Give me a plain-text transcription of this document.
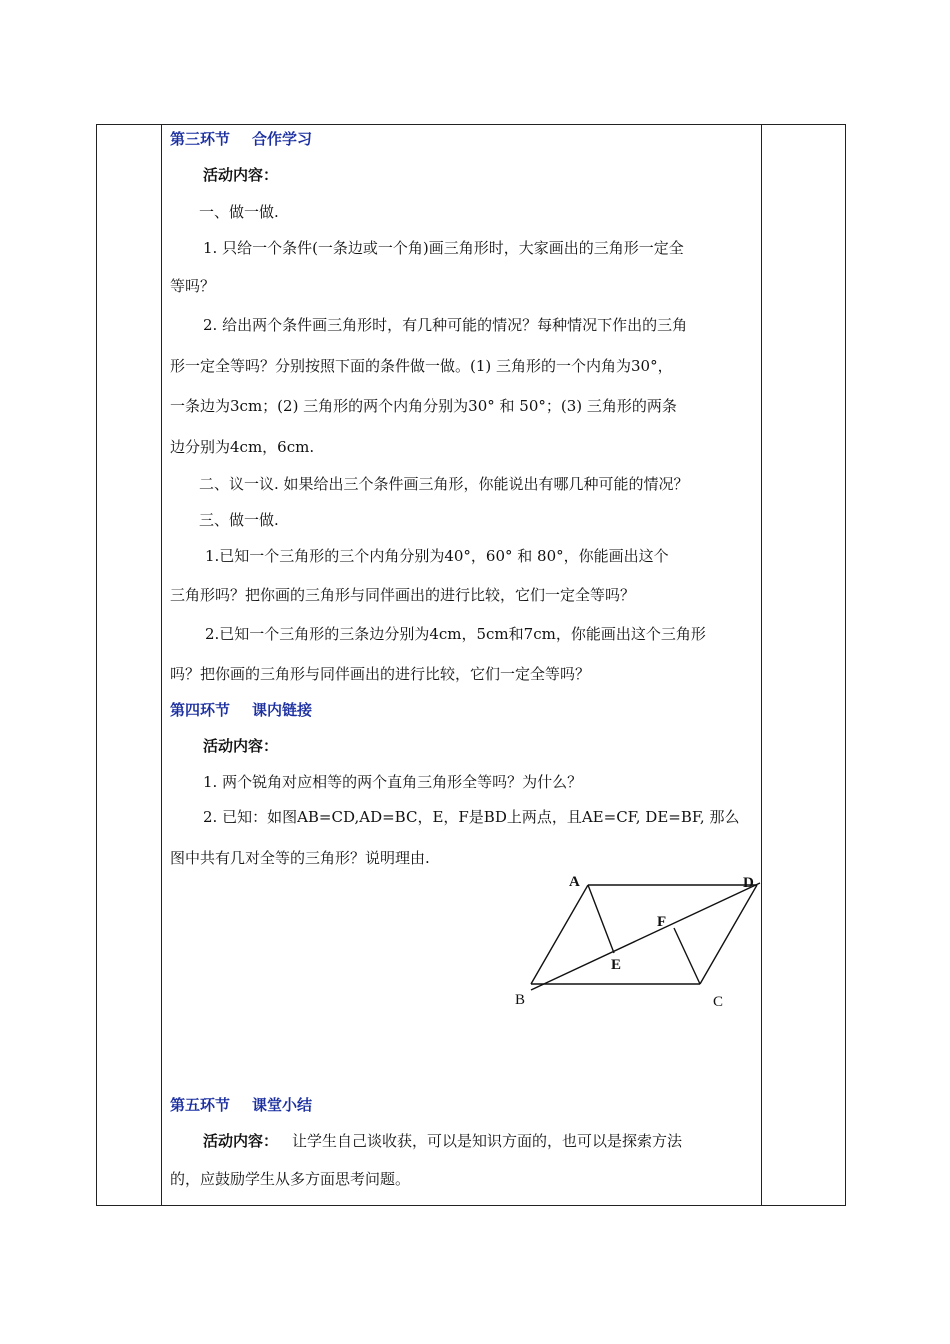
第三环节 合作学习
活动内容：
一、做一做.
1. 只给一个条件(一条边或一个角)画三角形时，大家画出的三角形一定全
等吗？
2. 给出两个条件画三角形时，有几种可能的情况？每种情况下作出的三角
形一定全等吗？分别按照下面的条件做一做。(1) 三角形的一个内角为30°，
一条边为3cm；(2) 三角形的两个内角分别为30° 和 50°；(3) 三角形的两条
边分别为4cm，6cm.
二、议一议. 如果给出三个条件画三角形，你能说出有哪几种可能的情况？
三、做一做.
1.已知一个三角形的三个内角分别为40°，60° 和 80°，你能画出这个
三角形吗？把你画的三角形与同伴画出的进行比较，它们一定全等吗？
2.已知一个三角形的三条边分别为4cm，5cm和7cm，你能画出这个三角形
吗？把你画的三角形与同伴画出的进行比较，它们一定全等吗？
第四环节 课内链接
活动内容：
1. 两个锐角对应相等的两个直角三角形全等吗？为什么？
2. 已知：如图AB=CD,AD=BC，E，F是BD上两点，且AE=CF, DE=BF, 那么
图中共有几对全等的三角形？说明理由.
第五环节 课堂小结
活动内容： 让学生自己谈收获，可以是知识方面的，也可以是探索方法
的，应鼓励学生从多方面思考问题。
A	D
F
E
B	C
